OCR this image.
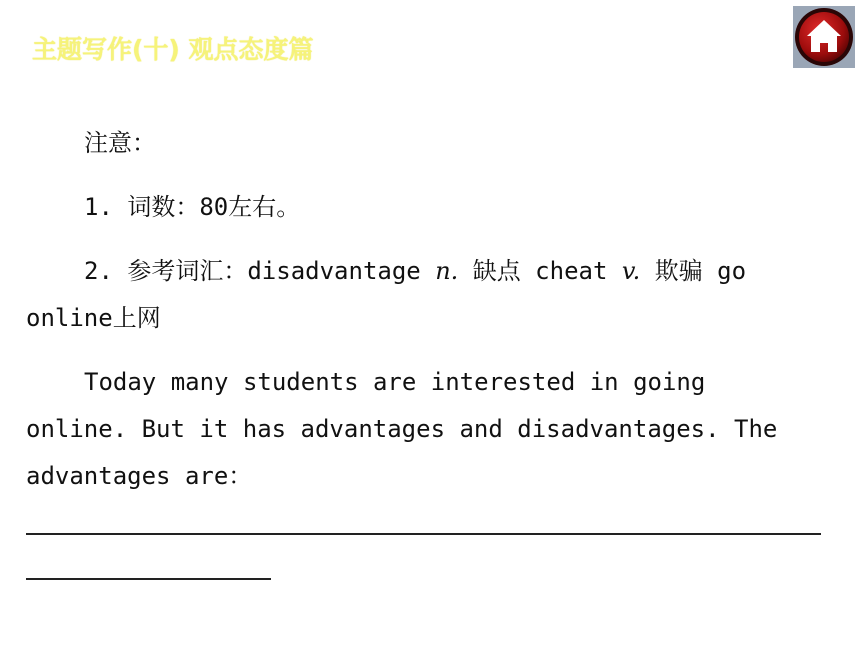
主题写作(十) 观点态度篇
注意：
1. 词数：80左右。
2. 参考词汇：disadvantage n. 缺点 cheat v. 欺骗 go
online上网
Today many students are interested in going
online. But it has advantages and disadvantages. The
advantages are：
